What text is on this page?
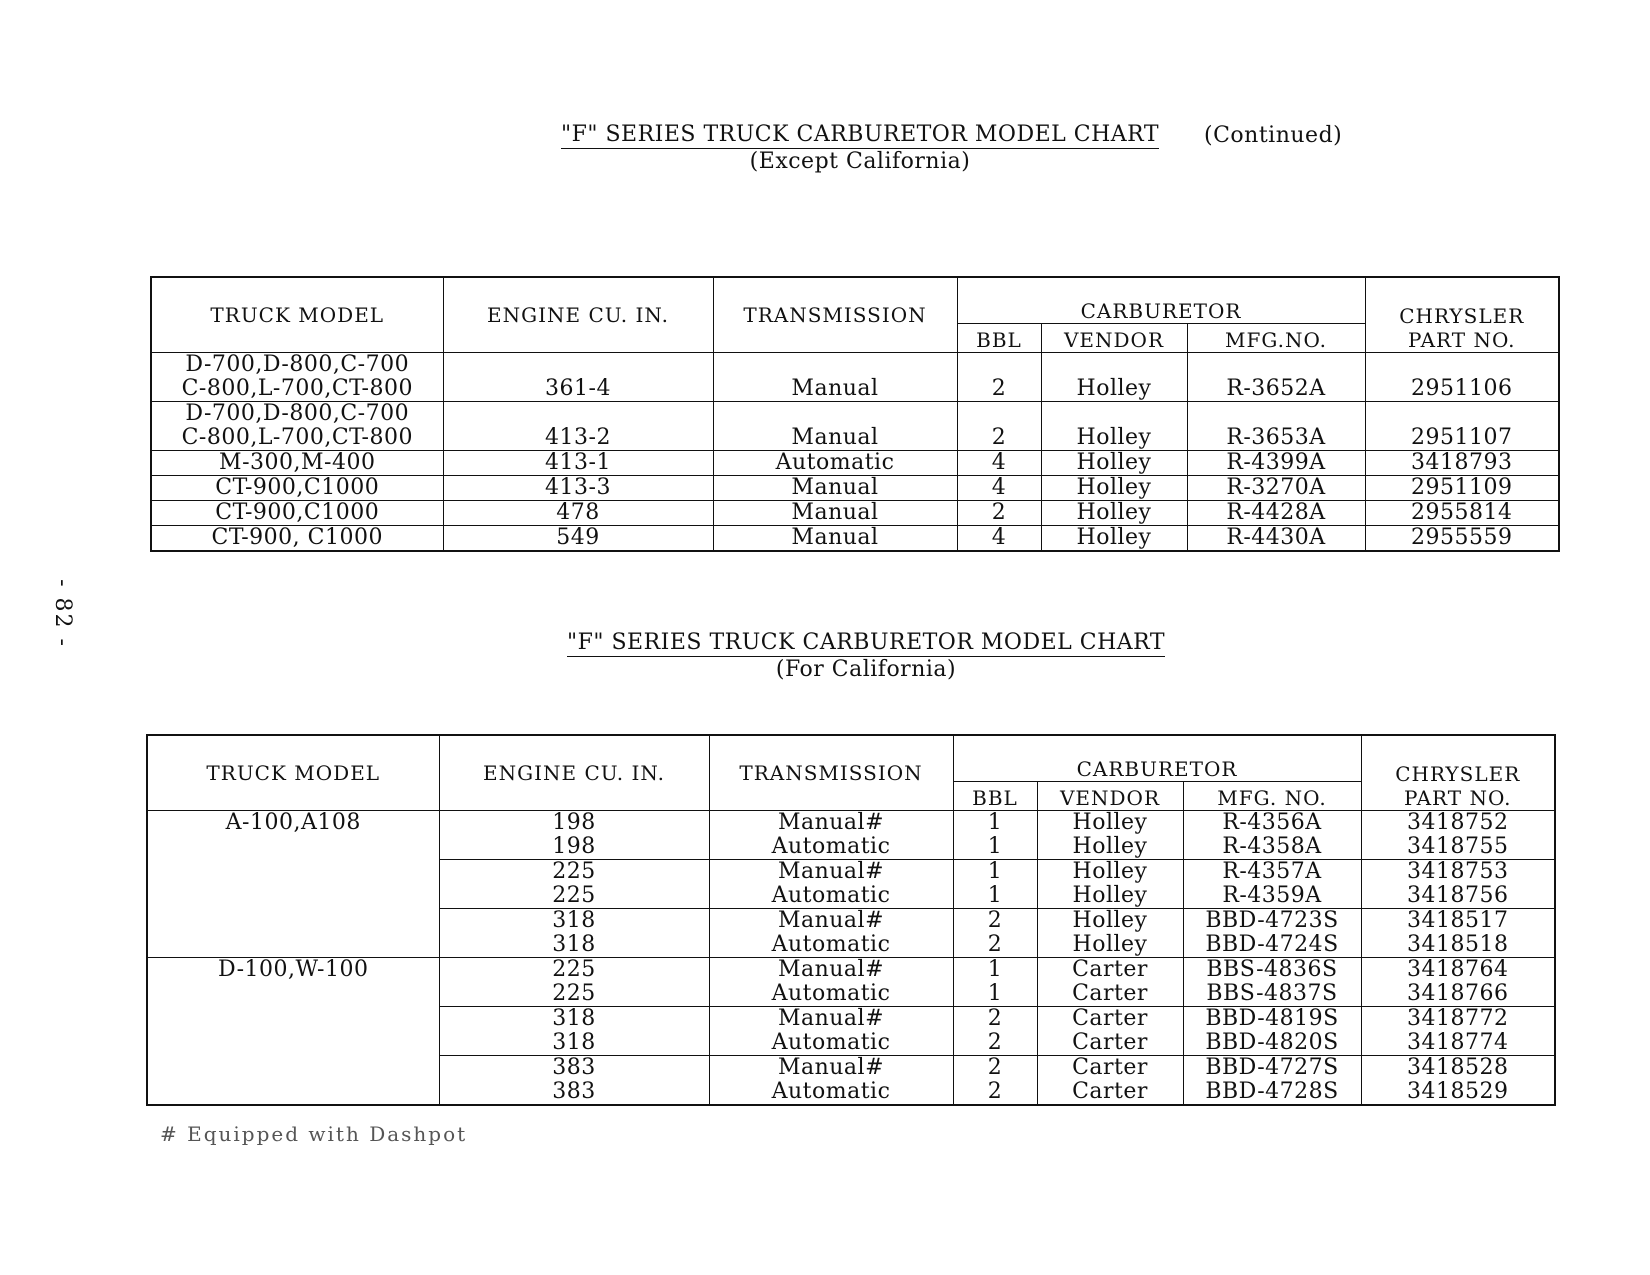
- 82 -
"F" SERIES TRUCK CARBURETOR MODEL CHART

(Except California)
(Continued)
TRUCK MODEL	ENGINE CU. IN.	TRANSMISSION	CARBURETOR			CHRYSLER
PART NO.

			BBL	VENDOR	MFG.NO.	

D-700,D-800,C-700
C-800,L-700,CT-800	361-4	Manual	2	Holley	R-3652A	2951106

D-700,D-800,C-700
C-800,L-700,CT-800	413-2	Manual	2	Holley	R-3653A	2951107
M-300,M-400	413-1	Automatic	4	Holley	R-4399A	3418793
CT-900,C1000	413-3	Manual	4	Holley	R-3270A	2951109
CT-900,C1000	478	Manual	2	Holley	R-4428A	2955814
CT-900, C1000	549	Manual	4	Holley	R-4430A	2955559
"F" SERIES TRUCK CARBURETOR MODEL CHART

(For California)
TRUCK MODEL	ENGINE CU. IN.	TRANSMISSION	CARBURETOR			CHRYSLER
PART NO.

			BBL	VENDOR	MFG. NO.	
A-100,A108	198	Manual#	1	Holley	R-4356A	3418752
	198	Automatic	1	Holley	R-4358A	3418755
	225	Manual#	1	Holley	R-4357A	3418753
	225	Automatic	1	Holley	R-4359A	3418756
	318	Manual#	2	Holley	BBD-4723S	3418517
	318	Automatic	2	Holley	BBD-4724S	3418518
D-100,W-100	225	Manual#	1	Carter	BBS-4836S	3418764
	225	Automatic	1	Carter	BBS-4837S	3418766
	318	Manual#	2	Carter	BBD-4819S	3418772
	318	Automatic	2	Carter	BBD-4820S	3418774
	383	Manual#	2	Carter	BBD-4727S	3418528
	383	Automatic	2	Carter	BBD-4728S	3418529
# Equipped with Dashpot
